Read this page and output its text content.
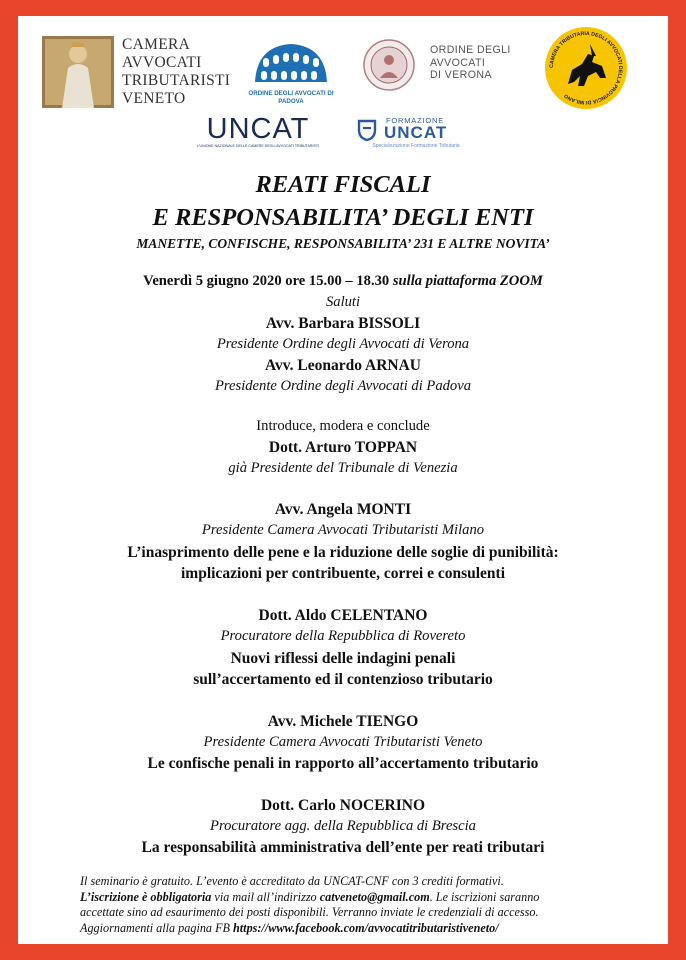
CAMERA
AVVOCATI
TRIBUTARISTI
VENETO	ORDINE DEGLI AVVOCATI DI PADOVA
ORDINE DEGLI
AVVOCATI
DI VERONA
CAMERA TRIBUTARIA DEGLI AVVOCATI DELLA PROVINCIA DI MILANO
UNCAT
L'UNIONE NAZIONALE DELLE CAMERE DEGLI AVVOCATI TRIBUTARISTI
FORMAZIONE
UNCAT
Specializzazione Formazione Tributaria
REATI FISCALI
E RESPONSABILITA’ DEGLI ENTI
MANETTE, CONFISCHE, RESPONSABILITA’ 231 E ALTRE NOVITA’
Venerdì 5 giugno 2020 ore 15.00 – 18.30 sulla piattaforma ZOOM
Saluti
Avv. Barbara BISSOLI
Presidente Ordine degli Avvocati di Verona
Avv. Leonardo ARNAU
Presidente Ordine degli Avvocati di Padova
Introduce, modera e conclude
Dott. Arturo TOPPAN
già Presidente del Tribunale di Venezia
Avv. Angela MONTI
Presidente Camera Avvocati Tributaristi Milano
L’inasprimento delle pene e la riduzione delle soglie di punibilità:
implicazioni per contribuente, correi e consulenti
Dott. Aldo CELENTANO
Procuratore della Repubblica di Rovereto
Nuovi riflessi delle indagini penali
sull’accertamento ed il contenzioso tributario
Avv. Michele TIENGO
Presidente Camera Avvocati Tributaristi Veneto
Le confische penali in rapporto all’accertamento tributario
Dott. Carlo NOCERINO
Procuratore agg. della Repubblica di Brescia
La responsabilità amministrativa dell’ente per reati tributari
Il seminario è gratuito. L’evento è accreditato da UNCAT-CNF con 3 crediti formativi.
L’iscrizione è obbligatoria via mail all’indirizzo catveneto@gmail.com. Le iscrizioni saranno
accettate sino ad esaurimento dei posti disponibili. Verranno inviate le credenziali di accesso.
Aggiornamenti alla pagina FB https://www.facebook.com/avvocatitributaristiveneto/
